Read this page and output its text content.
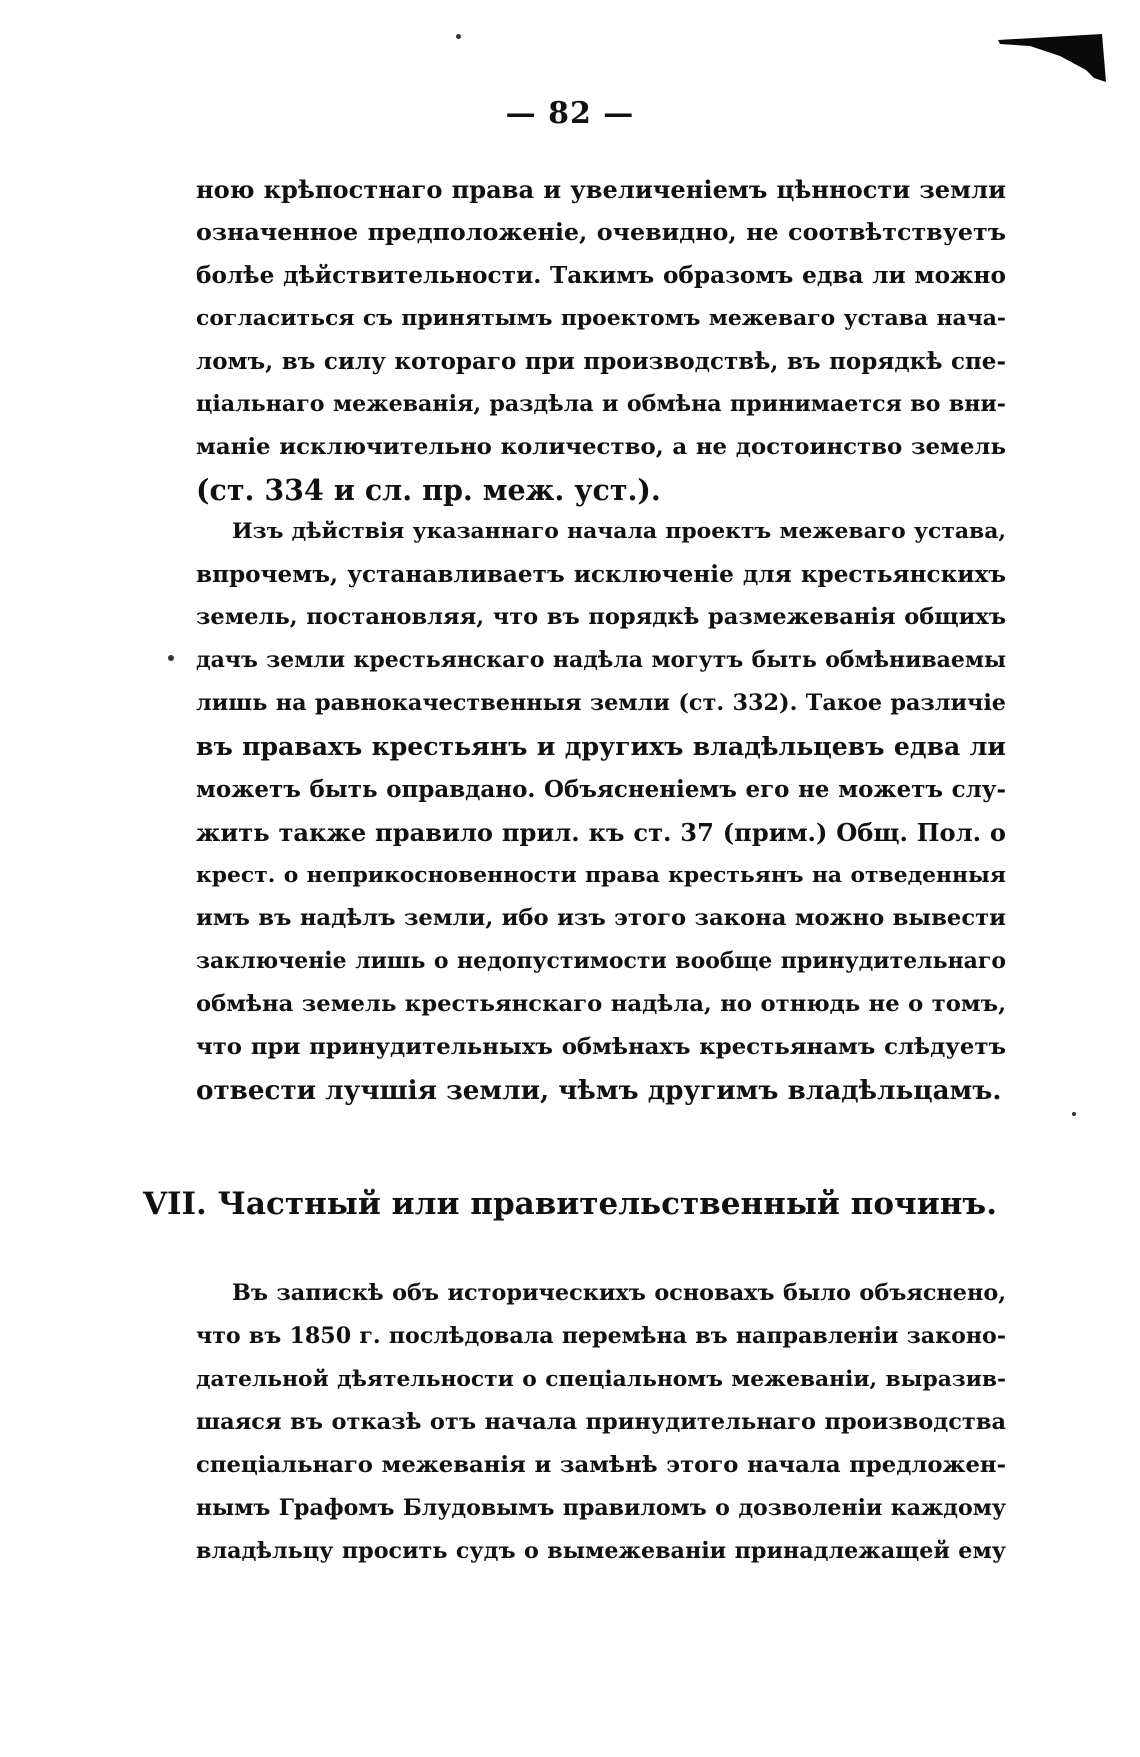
— 82 —
ною крѣпостнаго права и увеличеніемъ цѣнности земли
означенное предположеніе, очевидно, не соотвѣтствуетъ
болѣе дѣйствительности. Такимъ образомъ едва ли можно
согласиться съ принятымъ проектомъ межеваго устава нача-
ломъ, въ силу котораго при производствѣ, въ порядкѣ спе-
ціальнаго межеванія, раздѣла и обмѣна принимается во вни-
маніе исключительно количество, а не достоинство земель
(ст. 334 и сл. пр. меж. уст.).
Изъ дѣйствія указаннаго начала проектъ межеваго устава,
впрочемъ, устанавливаетъ исключеніе для крестьянскихъ
земель, постановляя, что въ порядкѣ размежеванія общихъ
дачъ земли крестьянскаго надѣла могутъ быть обмѣниваемы
лишь на равнокачественныя земли (ст. 332). Такое различіе
въ правахъ крестьянъ и другихъ владѣльцевъ едва ли
можетъ быть оправдано. Объясненіемъ его не можетъ слу-
жить также правило прил. къ ст. 37 (прим.) Общ. Пол. о
крест. о неприкосновенности права крестьянъ на отведенныя
имъ въ надѣлъ земли, ибо изъ этого закона можно вывести
заключеніе лишь о недопустимости вообще принудительнаго
обмѣна земель крестьянскаго надѣла, но отнюдь не о томъ,
что при принудительныхъ обмѣнахъ крестьянамъ слѣдуетъ
отвести лучшія земли, чѣмъ другимъ владѣльцамъ.
VII. Частный или правительственный починъ.
Въ запискѣ объ историческихъ основахъ было объяснено,
что въ 1850 г. послѣдовала перемѣна въ направленіи законо-
дательной дѣятельности о спеціальномъ межеваніи, выразив-
шаяся въ отказѣ отъ начала принудительнаго производства
спеціальнаго межеванія и замѣнѣ этого начала предложен-
нымъ Графомъ Блудовымъ правиломъ о дозволеніи каждому
владѣльцу просить судъ о вымежеваніи принадлежащей ему
